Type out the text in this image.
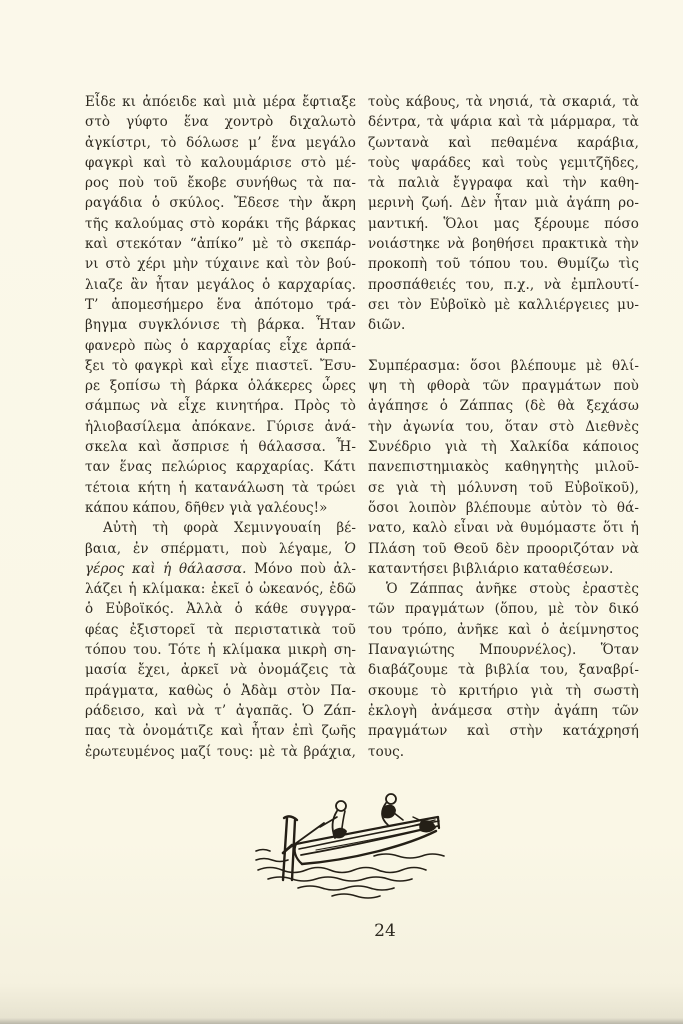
Εἶδε κι ἀπόειδε καὶ μιὰ μέρα ἔφτιαξε
στὸ γύφτο ἕνα χοντρὸ διχαλωτὸ
ἀγκίστρι, τὸ δόλωσε μ’ ἕνα μεγάλο
φαγκρὶ καὶ τὸ καλουμάρισε στὸ μέ-
ρος ποὺ τοῦ ἔκοβε συνήθως τὰ πα-
ραγάδια ὁ σκύλος. Ἔδεσε τὴν ἄκρη
τῆς καλούμας στὸ κοράκι τῆς βάρκας
καὶ στεκόταν “ἀπίκο” μὲ τὸ σκεπάρ-
νι στὸ χέρι μὴν τύχαινε καὶ τὸν βού-
λιαζε ἂν ἦταν μεγάλος ὁ καρχαρίας.
Τ’ ἀπομεσήμερο ἕνα ἀπότομο τρά-
βηγμα συγκλόνισε τὴ βάρκα. Ἦταν
φανερὸ πὼς ὁ καρχαρίας εἶχε ἁρπά-
ξει τὸ φαγκρὶ καὶ εἶχε πιαστεῖ. Ἔσυ-
ρε ξοπίσω τὴ βάρκα ὁλάκερες ὧρες
σάμπως νὰ εἶχε κινητήρα. Πρὸς τὸ
ἡλιοβασίλεμα ἀπόκανε. Γύρισε ἀνά-
σκελα καὶ ἄσπρισε ἡ θάλασσα. Ἦ-
ταν ἕνας πελώριος καρχαρίας. Κάτι
τέτοια κήτη ἡ κατανάλωση τὰ τρώει
κάπου κάπου, δῆθεν γιὰ γαλέους!»
Αὐτὴ τὴ φορὰ Χεμινγουαίη βέ-
βαια, ἐν σπέρματι, ποὺ λέγαμε, Ὁ
γέρος καὶ ἡ θάλασσα. Μόνο ποὺ ἀλ-
λάζει ἡ κλίμακα: ἐκεῖ ὁ ὠκεανός, ἐδῶ
ὁ Εὐβοϊκός. Ἀλλὰ ὁ κάθε συγγρα-
φέας ἐξιστορεῖ τὰ περιστατικὰ τοῦ
τόπου του. Τότε ἡ κλίμακα μικρὴ ση-
μασία ἔχει, ἀρκεῖ νὰ ὀνομάζεις τὰ
πράγματα, καθὼς ὁ Ἀδὰμ στὸν Πα-
ράδεισο, καὶ νὰ τ’ ἀγαπᾶς. Ὁ Ζάπ-
πας τὰ ὀνομάτιζε καὶ ἦταν ἐπὶ ζωῆς
ἐρωτευμένος μαζί τους: μὲ τὰ βράχια,
τοὺς κάβους, τὰ νησιά, τὰ σκαριά, τὰ
δέντρα, τὰ ψάρια καὶ τὰ μάρμαρα, τὰ
ζωντανὰ καὶ πεθαμένα καράβια,
τοὺς ψαράδες καὶ τοὺς γεμιτζῆδες,
τὰ παλιὰ ἔγγραφα καὶ τὴν καθη-
μερινὴ ζωή. Δὲν ἦταν μιὰ ἀγάπη ρο-
μαντική. Ὅλοι μας ξέρουμε πόσο
νοιάστηκε νὰ βοηθήσει πρακτικὰ τὴν
προκοπὴ τοῦ τόπου του. Θυμίζω τὶς
προσπάθειές του, π.χ., νὰ ἐμπλουτί-
σει τὸν Εὐβοϊκὸ μὲ καλλιέργειες μυ-
διῶν.
Συμπέρασμα: ὅσοι βλέπουμε μὲ θλί-
ψη τὴ φθορὰ τῶν πραγμάτων ποὺ
ἀγάπησε ὁ Ζάππας (δὲ θὰ ξεχάσω
τὴν ἀγωνία του, ὅταν στὸ Διεθνὲς
Συνέδριο γιὰ τὴ Χαλκίδα κάποιος
πανεπιστημιακὸς καθηγητὴς μιλοῦ-
σε γιὰ τὴ μόλυνση τοῦ Εὐβοϊκοῦ),
ὅσοι λοιπὸν βλέπουμε αὐτὸν τὸ θά-
νατο, καλὸ εἶναι νὰ θυμόμαστε ὅτι ἡ
Πλάση τοῦ Θεοῦ δὲν προοριζόταν νὰ
καταντήσει βιβλιάριο καταθέσεων.
Ὁ Ζάππας ἀνῆκε στοὺς ἐραστὲς
τῶν πραγμάτων (ὅπου, μὲ τὸν δικό
του τρόπο, ἀνῆκε καὶ ὁ ἀείμνηστος
Παναγιώτης Μπουρνέλος). Ὅταν
διαβάζουμε τὰ βιβλία του, ξαναβρί-
σκουμε τὸ κριτήριο γιὰ τὴ σωστὴ
ἐκλογὴ ἀνάμεσα στὴν ἀγάπη τῶν
πραγμάτων καὶ στὴν κατάχρησή
τους.
24
